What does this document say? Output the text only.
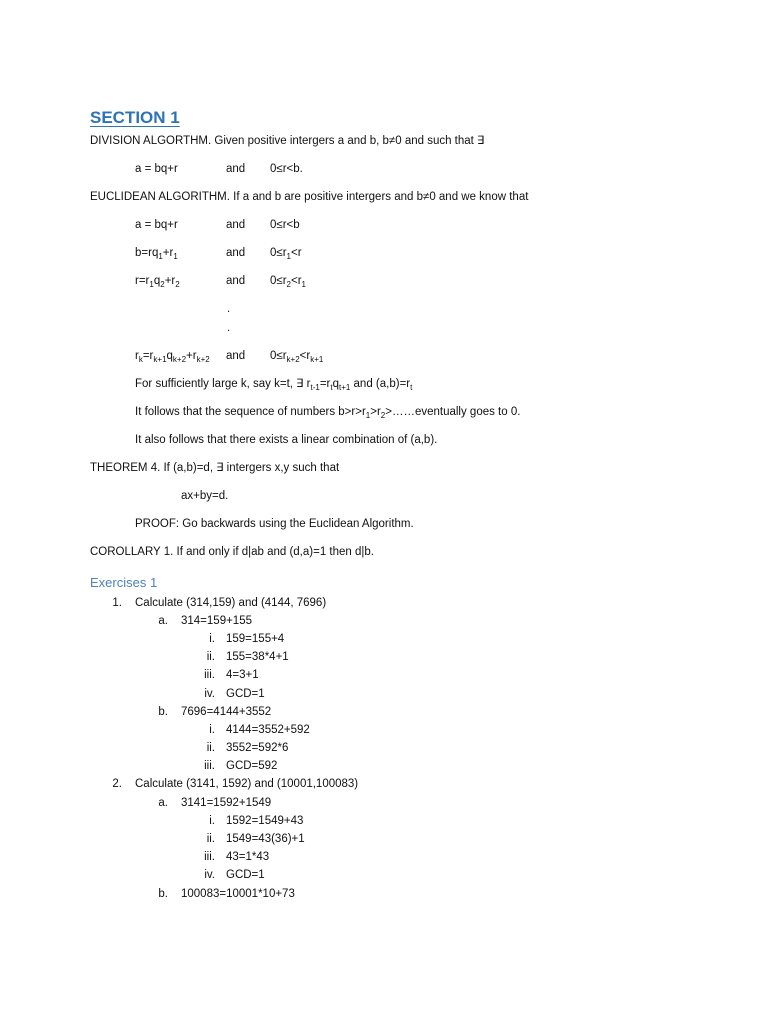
SECTION 1
DIVISION ALGORTHM. Given positive intergers a and b, b≠0 and such that ∃
a = bq+r	and 0≤r<b.
EUCLIDEAN ALGORITHM. If a and b are positive intergers and b≠0 and we know that
a = bq+r	and 0≤r<b
$b=rq_1+r_1$	and $0\le r_1<r$
$r=r_1q_2+r_2$	and $0\le r_2<r_1$
.
.
$r_k=r_{k+1}q_{k+2}+r_{k+2}$ and $0\le r_{k+2}<r_{k+1}$
For sufficiently large k, say k=t, ∃ $r_{t-1}=r_tq_{t+1}$ and $(a,b)=r_t$
It follows that the sequence of numbers $b>r>r_1>r_2>\dots\dots eventually$ goes to 0.
It also follows that there exists a linear combination of (a,b).
THEOREM 4. If (a,b)=d, ∃ intergers x,y such that
ax+by=d.
PROOF: Go backwards using the Euclidean Algorithm.
COROLLARY 1. If and only if d|ab and (d,a)=1 then d|b.
Exercises 1
1. Calculate (314,159) and (4144, 7696)
a. 314=159+155
i. 159=155+4
ii. 155=38*4+1
iii. 4=3+1
iv. GCD=1
b. 7696=4144+3552
i. 4144=3552+592
ii. 3552=592*6
iii. GCD=592
2. Calculate (3141, 1592) and (10001,100083)
a. 3141=1592+1549
i. 1592=1549+43
ii. 1549=43(36)+1
iii. 43=1*43
iv. GCD=1
b. 100083=10001*10+73
